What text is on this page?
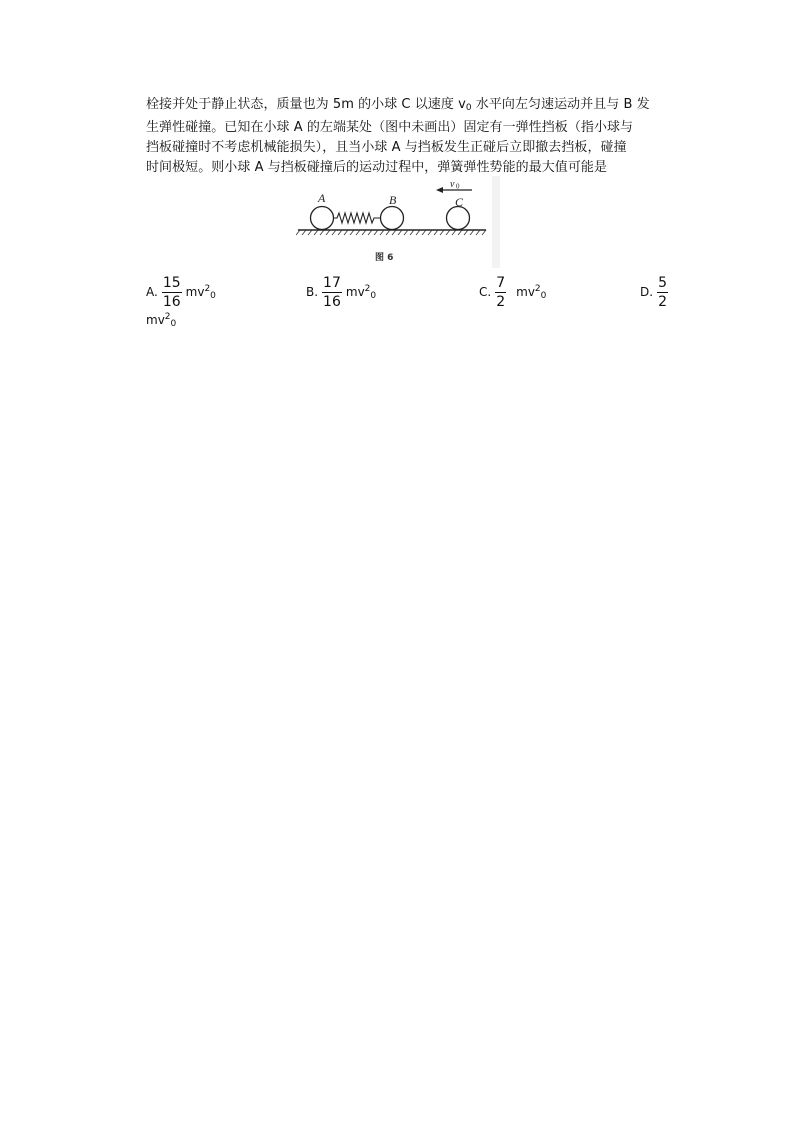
栓接并处于静止状态，质量也为 5m 的小球 C 以速度 $v_0$ 水平向左匀速运动并且与 B 发
生弹性碰撞。已知在小球 A 的左端某处（图中未画出）固定有一弹性挡板（指小球与
挡板碰撞时不考虑机械能损失），且当小球 A 与挡板发生正碰后立即撤去挡板，碰撞
时间极短。则小球 A 与挡板碰撞后的运动过程中，弹簧弹性势能的最大值可能是
A	B	C
v 0
图 6
A. $\frac{15}{16} mv^2_0$	B. $\frac{17}{16} mv^2_0$	C. $\frac{7}{2} mv^2_0$	D. $\frac{5}{2}$
$mv^2_0$
